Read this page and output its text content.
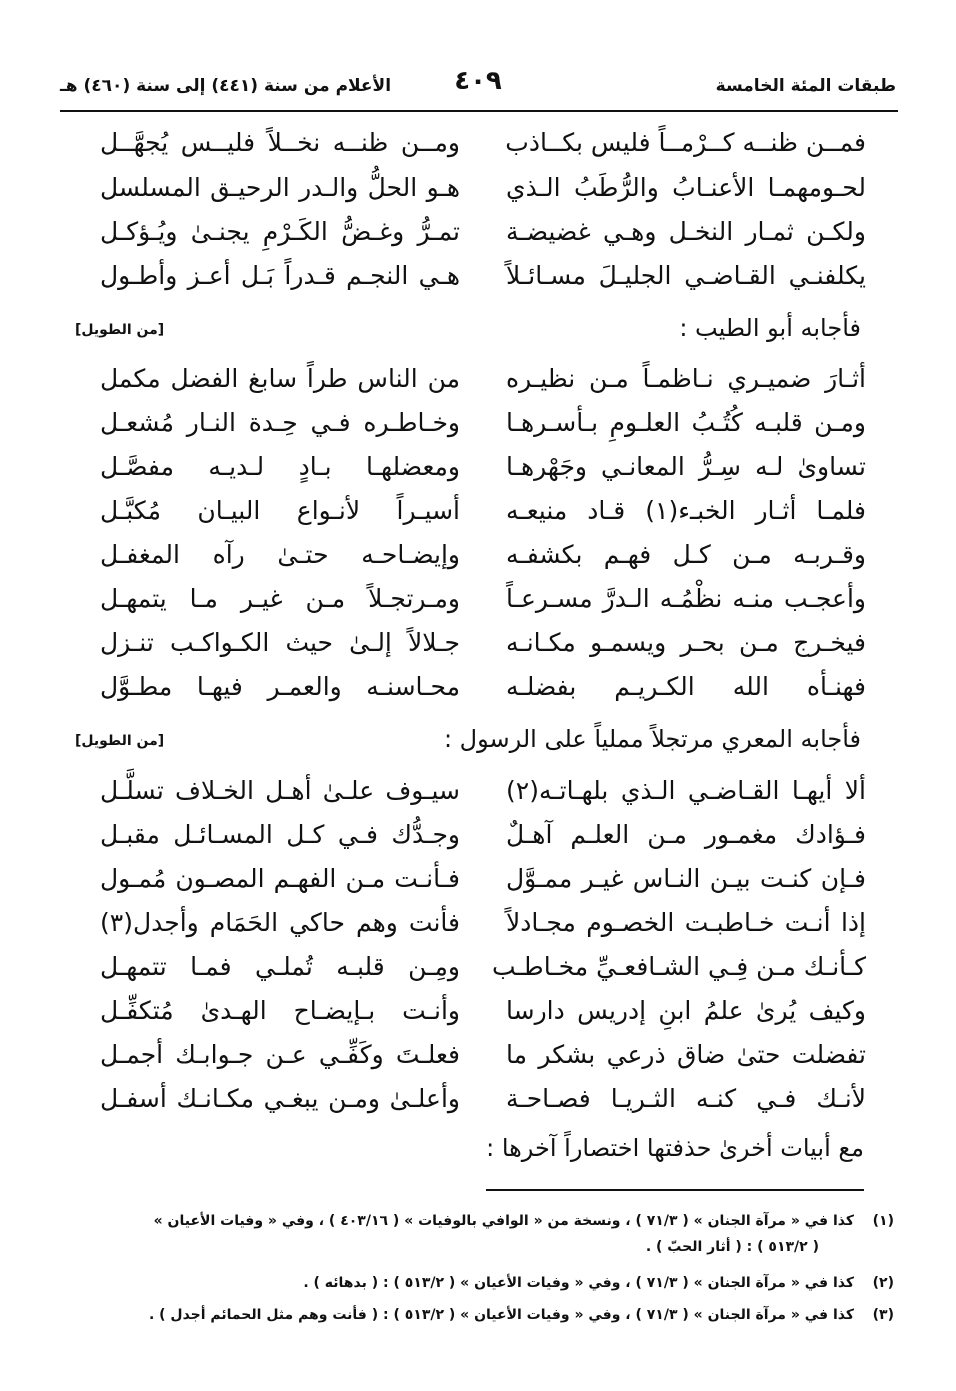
طبقات المئة الخامسة
٤٠٩
الأعلام من سنة (٤٤١) إلى سنة (٤٦٠) هـ
فمــن ظنــه كــرْمــاً فليس بكــاذب
ومــن ظنــه نخــلاً فليــس يُجهَّــل
لحـومهمـا الأعنـابُ والرُّطَبُ الـذي
هـو الحلُّ والـدر الرحيـق المسلسل
ولكـن ثمـار النخـل وهـي غضيضـة
تمـرُّ وغـضُّ الكَـرْمِ يجنـىٰ ويُـؤكـل
يكلفنـي القـاضـي الجليـلَ مسـائـلاً
هـي النجـم قـدراً بَـل أعـز وأطـول
فأجابه أبو الطيب :
[من الطويل]
أثـارَ ضميـري نـاظمـاً مـن نظيـره
من الناس طراً سابغ الفضل مكمل
ومـن قلبـه كُتُـبُ العلـومِ بـأسـرهـا
وخـاطـره فـي حِـدة النـار مُشعـل
تساوىٰ لـه سِـرُّ المعانـي وجَهْرهـا
ومعضلهـا بـادٍ لـديـه مفصَّـل
فلمـا أثـار الخبـء(١) قـاد منيعـه
أسيـراً لأنـواع البيـان مُكبَّـل
وقـربـه مـن كـل فهـم بكشفـه
وإيضـاحـه حتـىٰ رآه المغفـل
وأعجـب منـه نظْمُـه الـدرَّ مسـرعـاً
ومـرتجـلاً مـن غيـر مـا يتمهـل
فيخـرج مـن بحـر ويسمـو مكـانـه
جـلالاً إلـىٰ حيث الكـواكـب تنـزل
فهنـأه الله الكـريـم بفضلـه
محـاسنـه والعمـر فيهـا مطـوَّل
فأجابه المعري مرتجلاً مملياً على الرسول :
[من الطويل]
ألا أيهـا القـاضـي الـذي بلهـاتـه(٢)
سيـوف علـىٰ أهـل الخـلاف تسلَّـل
فـؤادك مغمـور مـن العلـم آهـلٌ
وجـدُّك فـي كـل المسـائـل مقبـل
فـإن كنـت بيـن النـاس غيـر ممـوَّل
فـأنـت مـن الفهـم المصـون مُمـول
إذا أنـت خـاطبـت الخصـوم مجـادلاً
فأنت وهم حاكي الحَمَام وأجدل(٣)
كـأنـك مـن فِـي الشـافعـيِّ مخـاطـب
ومِـن قلبـه تُملـي فمـا تتمهـل
وكيف يُرىٰ علمُ ابنِ إدريس دارسا
وأنـت بـإيضـاح الهـدىٰ مُتكفِّـل
تفضلت حتىٰ ضاق ذرعي بشكر ما
فعلـتَ وكَفِّـي عـن جـوابـك أجمـل
لأنـك فـي كنـه الثـريـا فصـاحـة
وأعلـىٰ ومـن يبغـي مكـانـك أسفـل
مع أبيات أخرىٰ حذفتها اختصاراً آخرها :
(١)كذا في « مرآة الجنان » ( ٧١/٣ ) ، ونسخة من « الوافي بالوفيات » ( ٤٠٣/١٦ ) ، وفي « وفيات الأعيان »
( ٥١٣/٢ ) : ( أثار الحبّ ) .
(٢)كذا في « مرآة الجنان » ( ٧١/٣ ) ، وفي « وفيات الأعيان » ( ٥١٣/٢ ) : ( بدهائه ) .
(٣)كذا في « مرآة الجنان » ( ٧١/٣ ) ، وفي « وفيات الأعيان » ( ٥١٣/٢ ) : ( فأنت وهم مثل الحمائم أجدل ) .
